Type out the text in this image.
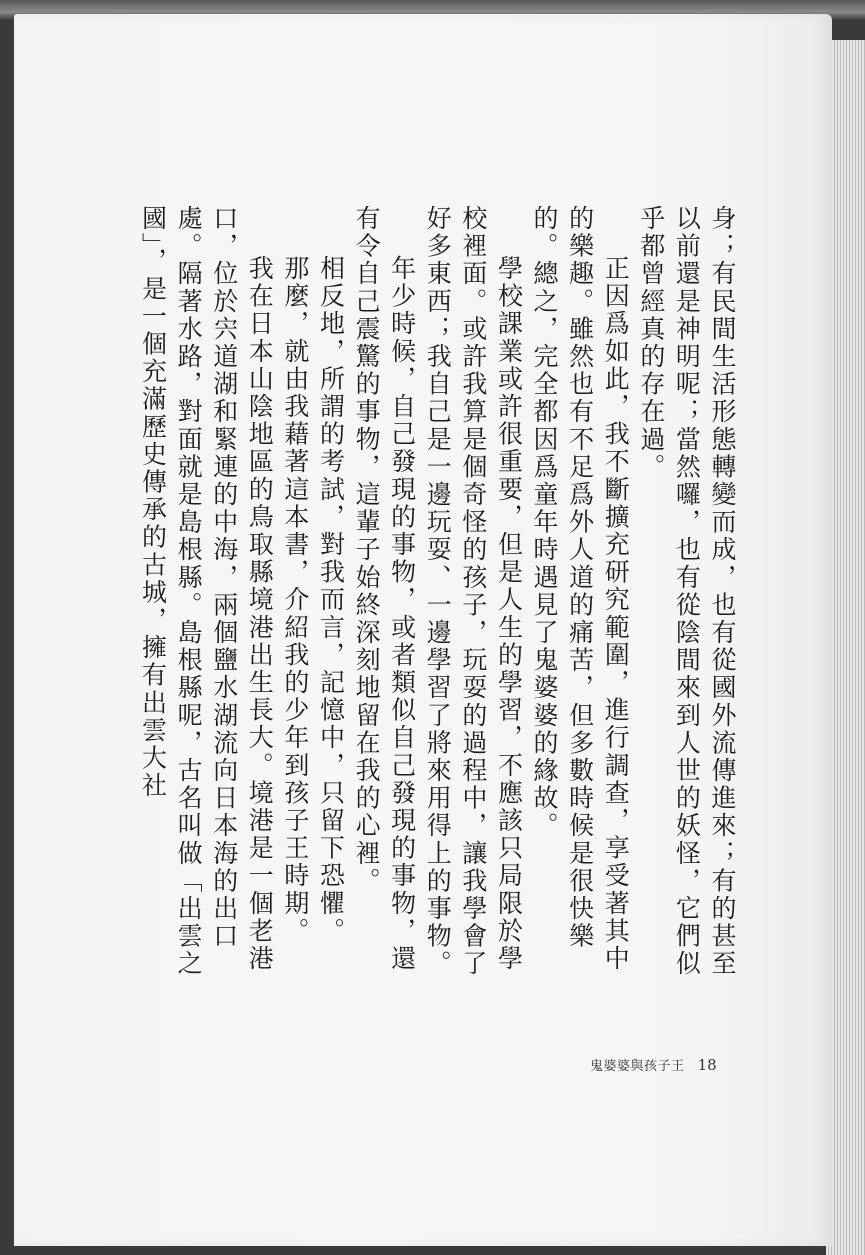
身；有民間生活形態轉變而成，也有從國外流傳進來；有的甚至以前還是神明呢；當然囉，也有從陰間來到人世的妖怪，它們似乎都曾經真的存在過。

正因爲如此，我不斷擴充研究範圍，進行調查，享受著其中的樂趣。雖然也有不足爲外人道的痛苦，但多數時候是很快樂的。總之，完全都因爲童年時遇見了鬼婆婆的緣故。

學校課業或許很重要，但是人生的學習，不應該只局限於學校裡面。或許我算是個奇怪的孩子，玩耍的過程中，讓我學會了好多東西；我自己是一邊玩耍、一邊學習了將來用得上的事物。

年少時候，自己發現的事物，或者類似自己發現的事物，還有令自己震驚的事物，這輩子始終深刻地留在我的心裡。

相反地，所謂的考試，對我而言，記憶中，只留下恐懼。

那麼，就由我藉著這本書，介紹我的少年到孩子王時期。

我在日本山陰地區的鳥取縣境港出生長大。境港是一個老港口，位於宍道湖和緊連的中海，兩個鹽水湖流向日本海的出口處。隔著水路，對面就是島根縣。島根縣呢，古名叫做「出雲之國」，是一個充滿歷史傳承的古城，擁有出雲大社

鬼婆婆與孩子王 18
